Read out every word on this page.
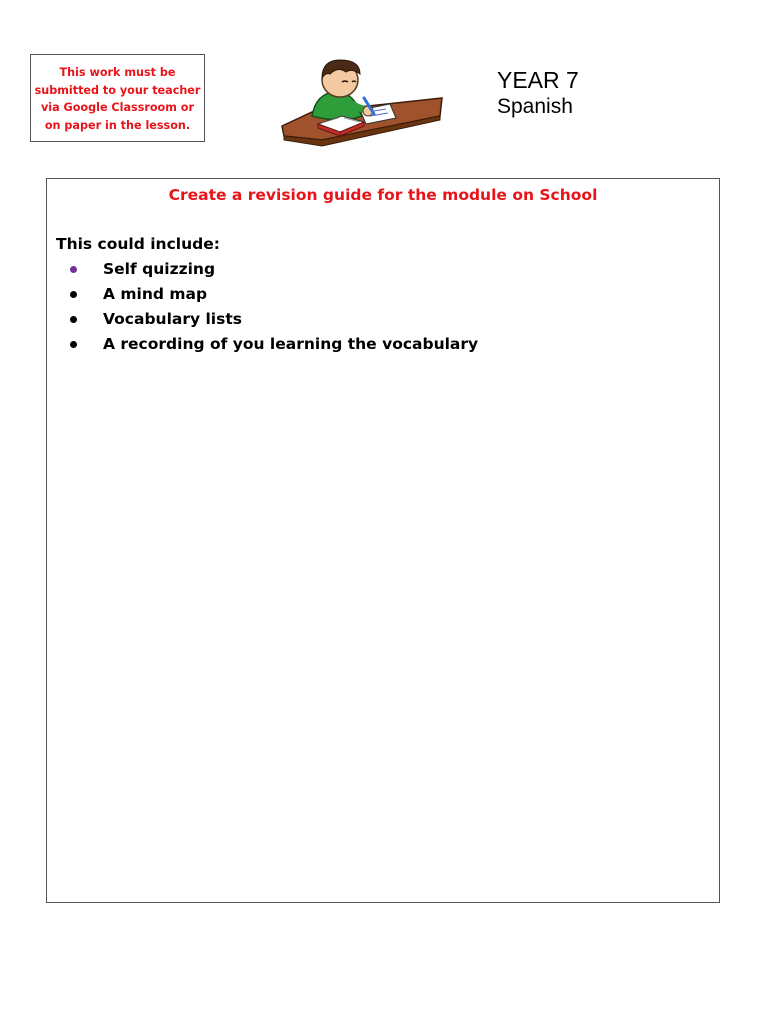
This work must be
submitted to your teacher
via Google Classroom or
on paper in the lesson.
YEAR 7
Spanish
Create a revision guide for the module on School
This could include:
Self quizzing
A mind map
Vocabulary lists
A recording of you learning the vocabulary
